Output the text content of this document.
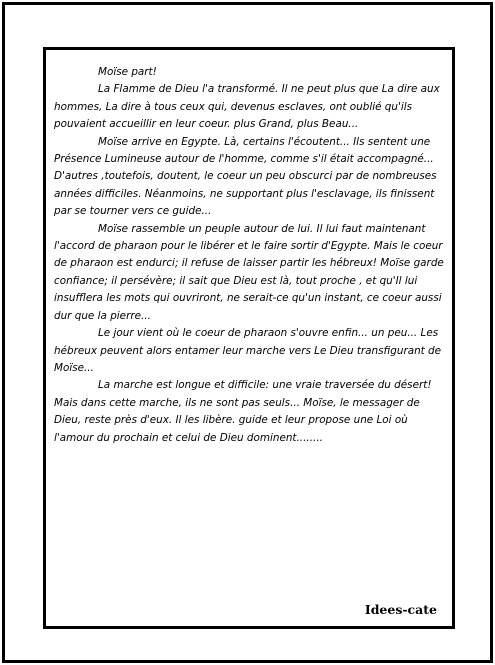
Moïse part!

La Flamme de Dieu l'a transformé. Il ne peut plus que La dire aux hommes, La dire à tous ceux qui, devenus esclaves, ont oublié qu'ils pouvaient accueillir en leur coeur. plus Grand, plus Beau...

Moïse arrive en Egypte. Là, certains l'écoutent... Ils sentent une Présence Lumineuse autour de l'homme, comme s'il était accompagné... D'autres ,toutefois, doutent, le coeur un peu obscurci par de nombreuses années difficiles. Néanmoins, ne supportant plus l'esclavage, ils finissent par se tourner vers ce guide...

Moïse rassemble un peuple autour de lui. Il lui faut maintenant l'accord de pharaon pour le libérer et le faire sortir d'Egypte. Mais le coeur de pharaon est endurci; il refuse de laisser partir les hébreux! Moïse garde confiance; il persévère; il sait que Dieu est là, tout proche , et qu'Il lui insufflera les mots qui ouvriront, ne serait-ce qu'un instant, ce coeur aussi dur que la pierre...

Le jour vient où le coeur de pharaon s'ouvre enfin... un peu... Les hébreux peuvent alors entamer leur marche vers Le Dieu transfigurant de Moïse...

La marche est longue et difficile: une vraie traversée du désert! Mais dans cette marche, ils ne sont pas seuls... Moïse, le messager de Dieu, reste près d'eux. Il les libère. guide et leur propose une Loi où l'amour du prochain et celui de Dieu dominent........

Idees-cate
